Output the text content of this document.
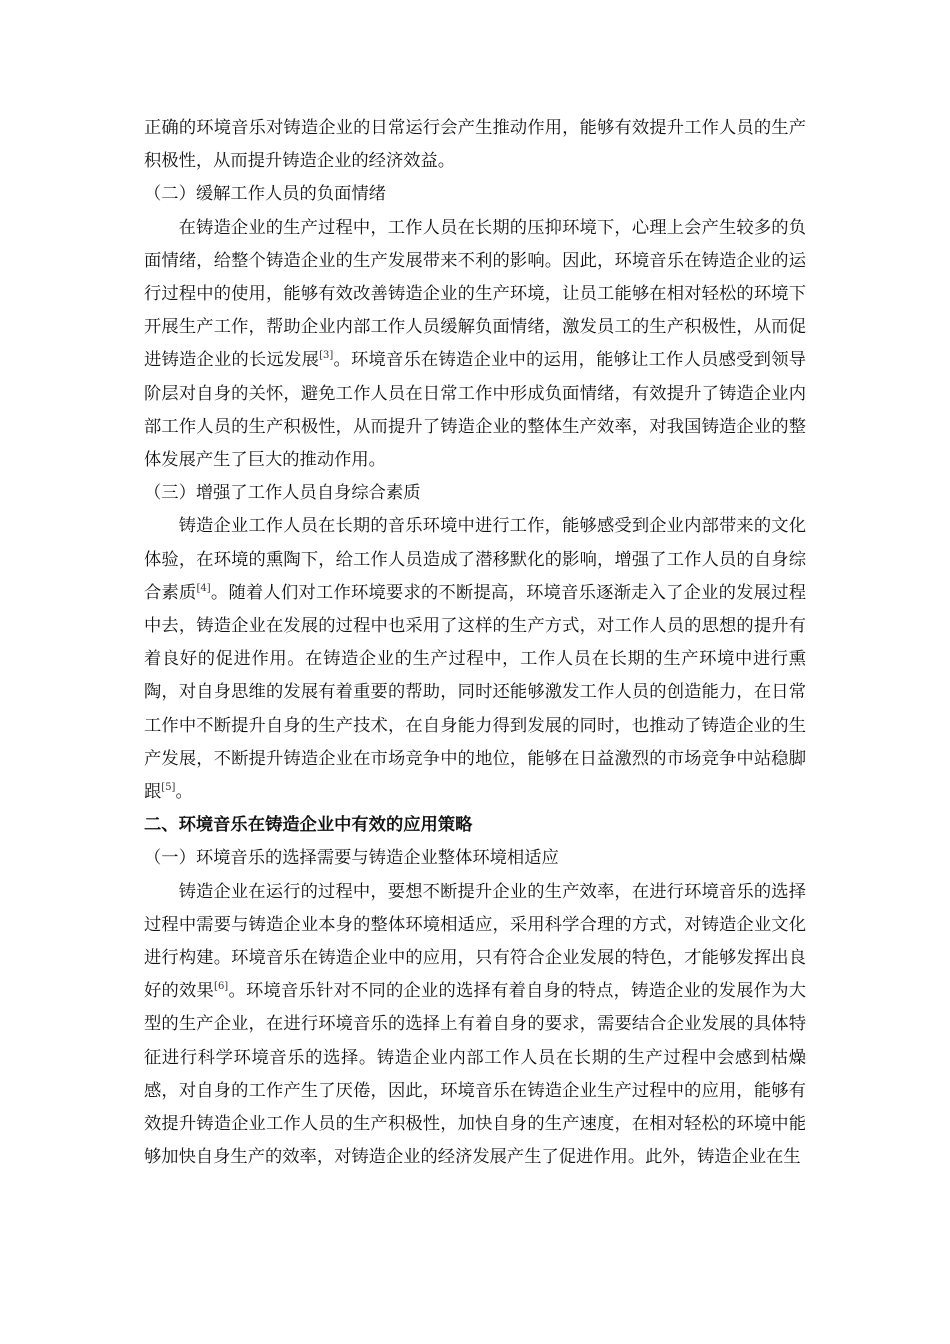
正确的环境音乐对铸造企业的日常运行会产生推动作用，能够有效提升工作人员的生产积极性，从而提升铸造企业的经济效益。

（二）缓解工作人员的负面情绪

在铸造企业的生产过程中，工作人员在长期的压抑环境下，心理上会产生较多的负面情绪，给整个铸造企业的生产发展带来不利的影响。因此，环境音乐在铸造企业的运行过程中的使用，能够有效改善铸造企业的生产环境，让员工能够在相对轻松的环境下开展生产工作，帮助企业内部工作人员缓解负面情绪，激发员工的生产积极性，从而促进铸造企业的长远发展[3]。环境音乐在铸造企业中的运用，能够让工作人员感受到领导阶层对自身的关怀，避免工作人员在日常工作中形成负面情绪，有效提升了铸造企业内部工作人员的生产积极性，从而提升了铸造企业的整体生产效率，对我国铸造企业的整体发展产生了巨大的推动作用。

（三）增强了工作人员自身综合素质

铸造企业工作人员在长期的音乐环境中进行工作，能够感受到企业内部带来的文化体验，在环境的熏陶下，给工作人员造成了潜移默化的影响，增强了工作人员的自身综合素质[4]。随着人们对工作环境要求的不断提高，环境音乐逐渐走入了企业的发展过程中去，铸造企业在发展的过程中也采用了这样的生产方式，对工作人员的思想的提升有着良好的促进作用。在铸造企业的生产过程中，工作人员在长期的生产环境中进行熏陶，对自身思维的发展有着重要的帮助，同时还能够激发工作人员的创造能力，在日常工作中不断提升自身的生产技术，在自身能力得到发展的同时，也推动了铸造企业的生产发展，不断提升铸造企业在市场竞争中的地位，能够在日益激烈的市场竞争中站稳脚跟[5]。

二、环境音乐在铸造企业中有效的应用策略

（一）环境音乐的选择需要与铸造企业整体环境相适应

铸造企业在运行的过程中，要想不断提升企业的生产效率，在进行环境音乐的选择过程中需要与铸造企业本身的整体环境相适应，采用科学合理的方式，对铸造企业文化进行构建。环境音乐在铸造企业中的应用，只有符合企业发展的特色，才能够发挥出良好的效果[6]。环境音乐针对不同的企业的选择有着自身的特点，铸造企业的发展作为大型的生产企业，在进行环境音乐的选择上有着自身的要求，需要结合企业发展的具体特征进行科学环境音乐的选择。铸造企业内部工作人员在长期的生产过程中会感到枯燥感，对自身的工作产生了厌倦，因此，环境音乐在铸造企业生产过程中的应用，能够有效提升铸造企业工作人员的生产积极性，加快自身的生产速度，在相对轻松的环境中能够加快自身生产的效率，对铸造企业的经济发展产生了促进作用。此外，铸造企业在生
